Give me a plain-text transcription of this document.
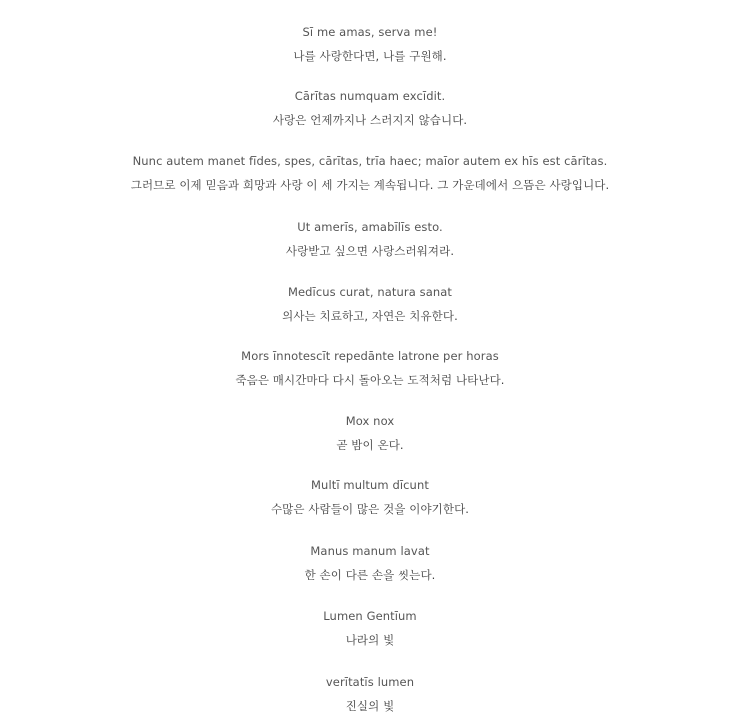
Sī me amas, serva me!
나를 사랑한다면, 나를 구원해.
Cārītas numquam excīdit.
사랑은 언제까지나 스러지지 않습니다.
Nunc autem manet fīdes, spes, cārītas, trīa haec; maīor autem ex hīs est cārītas.
그러므로 이제 믿음과 희망과 사랑 이 세 가지는 계속됩니다. 그 가운데에서 으뜸은 사랑입니다.
Ut amerīs, amabīlīs esto.
사랑받고 싶으면 사랑스러워져라.
Medīcus curat, natura sanat
의사는 치료하고, 자연은 치유한다.
Mors īnnotescīt repedānte latrone per horas
죽음은 매시간마다 다시 돌아오는 도적처럼 나타난다.
Mox nox
곧 밤이 온다.
Multī multum dīcunt
수많은 사람들이 많은 것을 이야기한다.
Manus manum lavat
한 손이 다른 손을 씻는다.
Lumen Gentīum
나라의 빛
verītatīs lumen
진실의 빛
